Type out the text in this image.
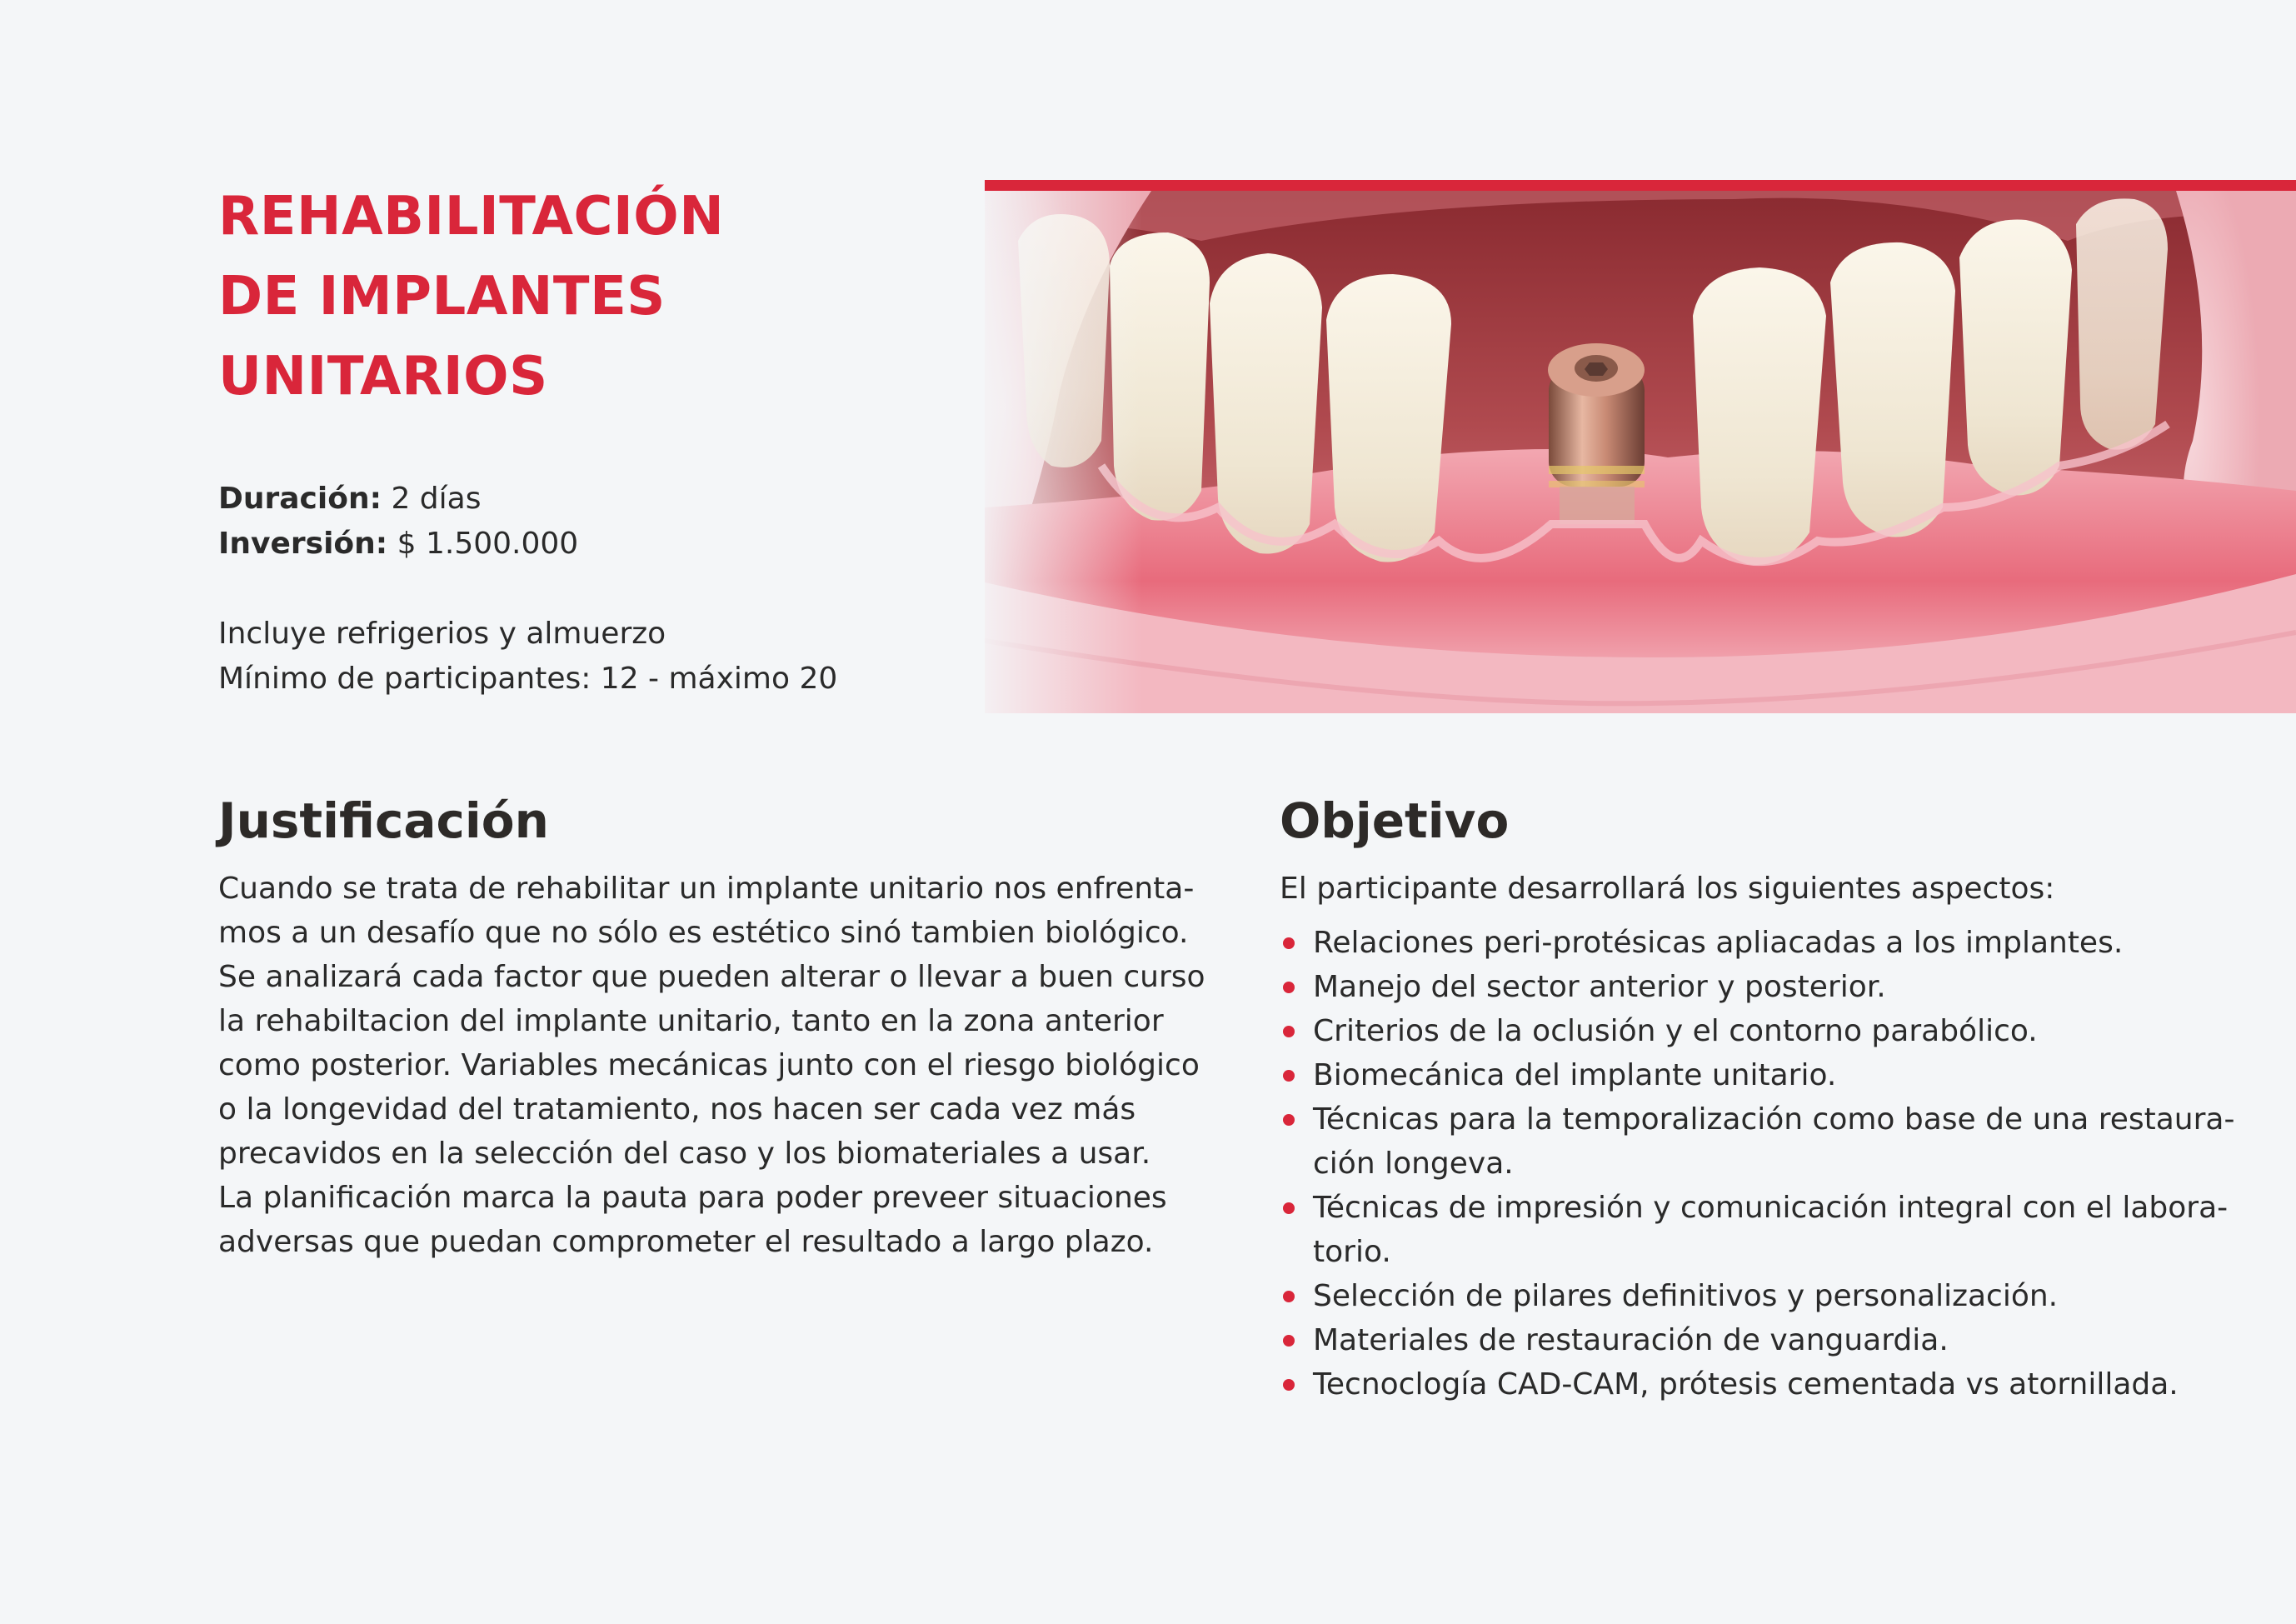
REHABILITACIÓN
DE IMPLANTES
UNITARIOS
Duración: 2 días
Inversión: $ 1.500.000
Incluye refrigerios y almuerzo
Mínimo de participantes: 12 - máximo 20
Justificación

Cuando se trata de rehabilitar un implante unitario nos enfrenta-
mos a un desafío que no sólo es estético sinó tambien biológico.
Se analizará cada factor que pueden alterar o llevar a buen curso
la rehabiltacion del implante unitario, tanto en la zona anterior
como posterior. Variables mecánicas junto con el riesgo biológico
o la longevidad del tratamiento, nos hacen ser cada vez más
precavidos en la selección del caso y los biomateriales a usar.
La planificación marca la pauta para poder preveer situaciones
adversas que puedan comprometer el resultado a largo plazo.

Objetivo

El participante desarrollará los siguientes aspectos:

Relaciones peri-protésicas apliacadas a los implantes.
Manejo del sector anterior y posterior.
Criterios de la oclusión y el contorno parabólico.
Biomecánica del implante unitario.
Técnicas para la temporalización como base de una restaura-
ción longeva.
Técnicas de impresión y comunicación integral con el labora-
torio.
Selección de pilares definitivos y personalización.
Materiales de restauración de vanguardia.
Tecnoclogía CAD-CAM, prótesis cementada vs atornillada.
